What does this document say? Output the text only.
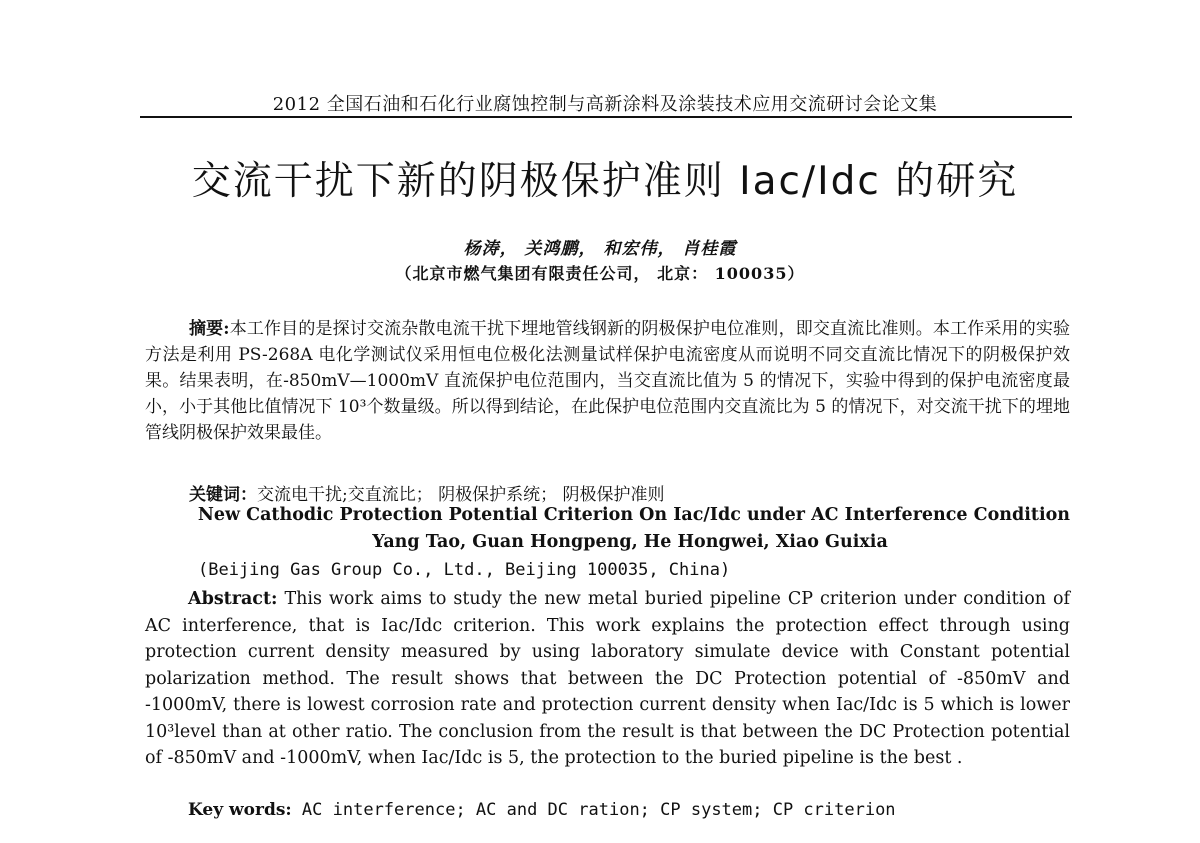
2012 全国石油和石化行业腐蚀控制与高新涂料及涂装技术应用交流研讨会论文集
交流干扰下新的阴极保护准则 Iac/Idc 的研究
杨涛， 关鸿鹏， 和宏伟， 肖桂霞
（北京市燃气集团有限责任公司， 北京： 100035）
摘要:本工作目的是探讨交流杂散电流干扰下埋地管线钢新的阴极保护电位准则，即交直流比准则。本工作采用的实验方法是利用 PS-268A 电化学测试仪采用恒电位极化法测量试样保护电流密度从而说明不同交直流比情况下的阴极保护效果。结果表明，在-850mV—1000mV 直流保护电位范围内，当交直流比值为 5 的情况下，实验中得到的保护电流密度最小，小于其他比值情况下 10³个数量级。所以得到结论，在此保护电位范围内交直流比为 5 的情况下，对交流干扰下的埋地管线阴极保护效果最佳。
关键词：交流电干扰;交直流比； 阴极保护系统； 阴极保护准则
New Cathodic Protection Potential Criterion On Iac/Idc under AC Interference Condition
Yang Tao, Guan Hongpeng, He Hongwei, Xiao Guixia
(Beijing Gas Group Co., Ltd., Beijing 100035, China)
Abstract: This work aims to study the new metal buried pipeline CP criterion under condition of AC interference, that is Iac/Idc criterion. This work explains the protection effect through using protection current density measured by using laboratory simulate device with Constant potential polarization method. The result shows that between the DC Protection potential of -850mV and -1000mV, there is lowest corrosion rate and protection current density when Iac/Idc is 5 which is lower 10³level than at other ratio. The conclusion from the result is that between the DC Protection potential of -850mV and -1000mV, when Iac/Idc is 5, the protection to the buried pipeline is the best .
Key words: AC interference; AC and DC ration; CP system; CP criterion
